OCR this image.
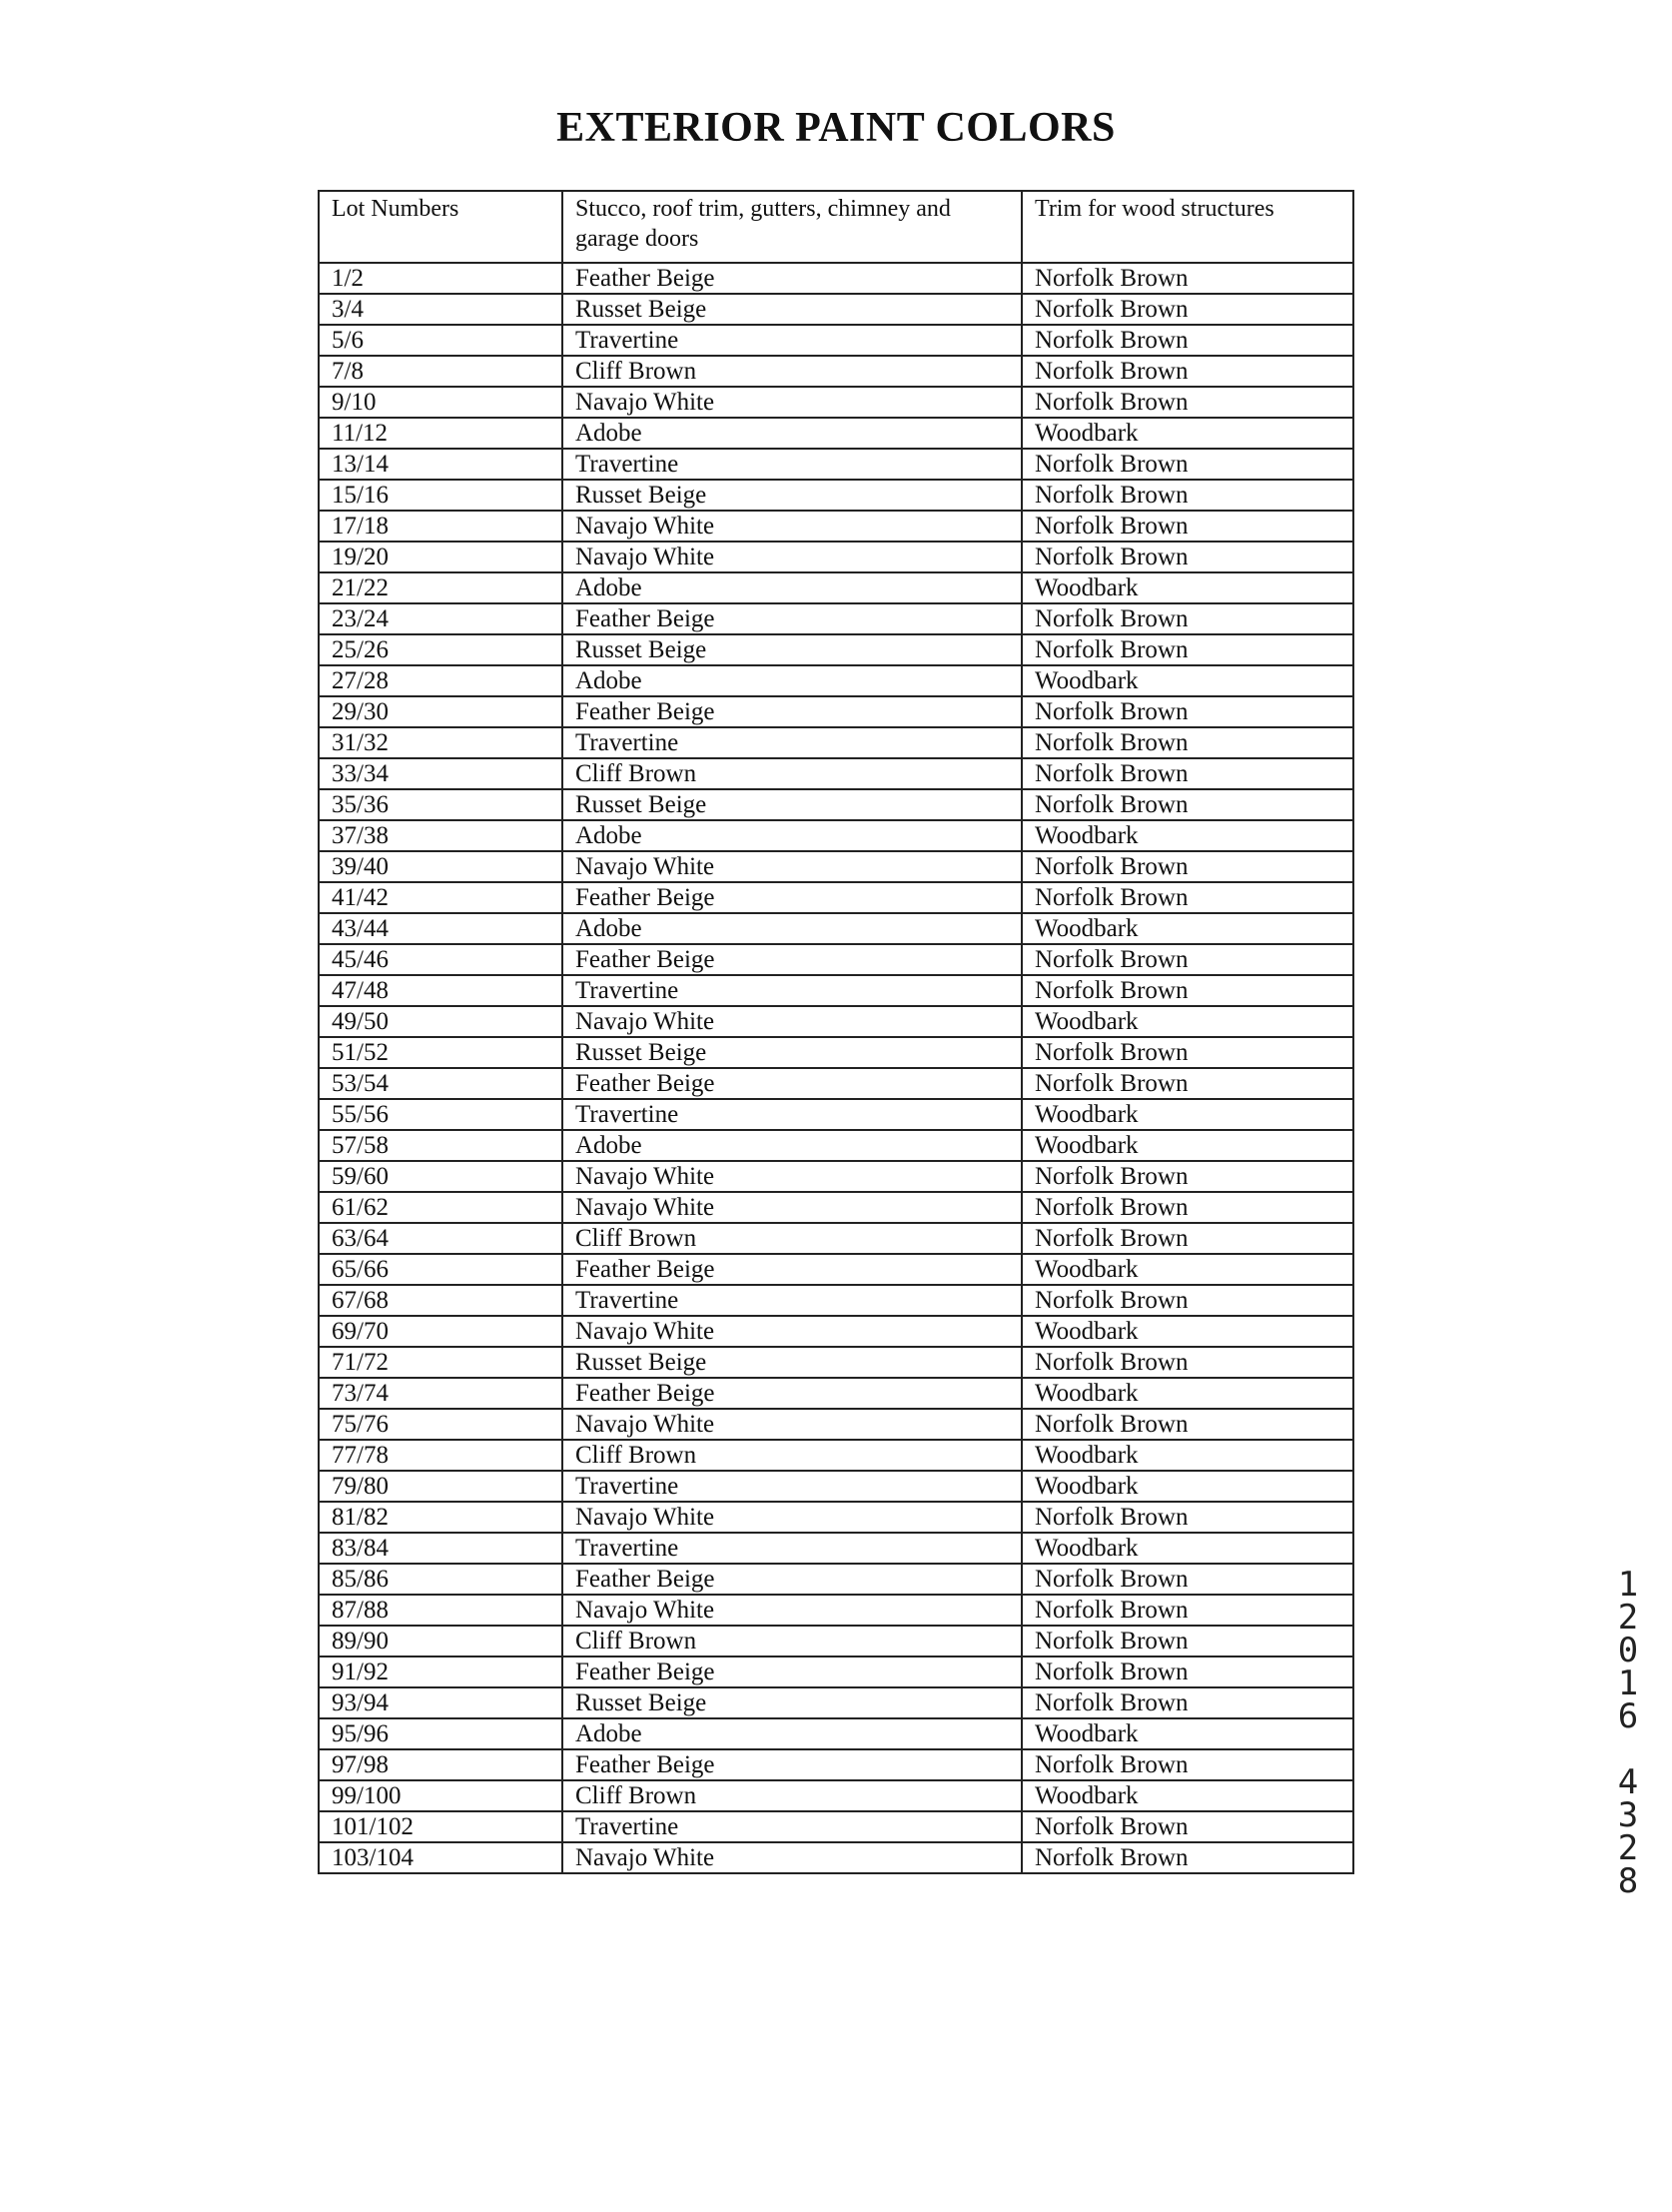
EXTERIOR PAINT COLORS
Lot Numbers	Stucco, roof trim, gutters, chimney and garage doors	Trim for wood structures
1/2	Feather Beige	Norfolk Brown
3/4	Russet Beige	Norfolk Brown
5/6	Travertine	Norfolk Brown
7/8	Cliff Brown	Norfolk Brown
9/10	Navajo White	Norfolk Brown
11/12	Adobe	Woodbark
13/14	Travertine	Norfolk Brown
15/16	Russet Beige	Norfolk Brown
17/18	Navajo White	Norfolk Brown
19/20	Navajo White	Norfolk Brown
21/22	Adobe	Woodbark
23/24	Feather Beige	Norfolk Brown
25/26	Russet Beige	Norfolk Brown
27/28	Adobe	Woodbark
29/30	Feather Beige	Norfolk Brown
31/32	Travertine	Norfolk Brown
33/34	Cliff Brown	Norfolk Brown
35/36	Russet Beige	Norfolk Brown
37/38	Adobe	Woodbark
39/40	Navajo White	Norfolk Brown
41/42	Feather Beige	Norfolk Brown
43/44	Adobe	Woodbark
45/46	Feather Beige	Norfolk Brown
47/48	Travertine	Norfolk Brown
49/50	Navajo White	Woodbark
51/52	Russet Beige	Norfolk Brown
53/54	Feather Beige	Norfolk Brown
55/56	Travertine	Woodbark
57/58	Adobe	Woodbark
59/60	Navajo White	Norfolk Brown
61/62	Navajo White	Norfolk Brown
63/64	Cliff Brown	Norfolk Brown
65/66	Feather Beige	Woodbark
67/68	Travertine	Norfolk Brown
69/70	Navajo White	Woodbark
71/72	Russet Beige	Norfolk Brown
73/74	Feather Beige	Woodbark
75/76	Navajo White	Norfolk Brown
77/78	Cliff Brown	Woodbark
79/80	Travertine	Woodbark
81/82	Navajo White	Norfolk Brown
83/84	Travertine	Woodbark
85/86	Feather Beige	Norfolk Brown
87/88	Navajo White	Norfolk Brown
89/90	Cliff Brown	Norfolk Brown
91/92	Feather Beige	Norfolk Brown
93/94	Russet Beige	Norfolk Brown
95/96	Adobe	Woodbark
97/98	Feather Beige	Norfolk Brown
99/100	Cliff Brown	Woodbark
101/102	Travertine	Norfolk Brown
103/104	Navajo White	Norfolk Brown
1
2
0
1
6
4
3
2
8
